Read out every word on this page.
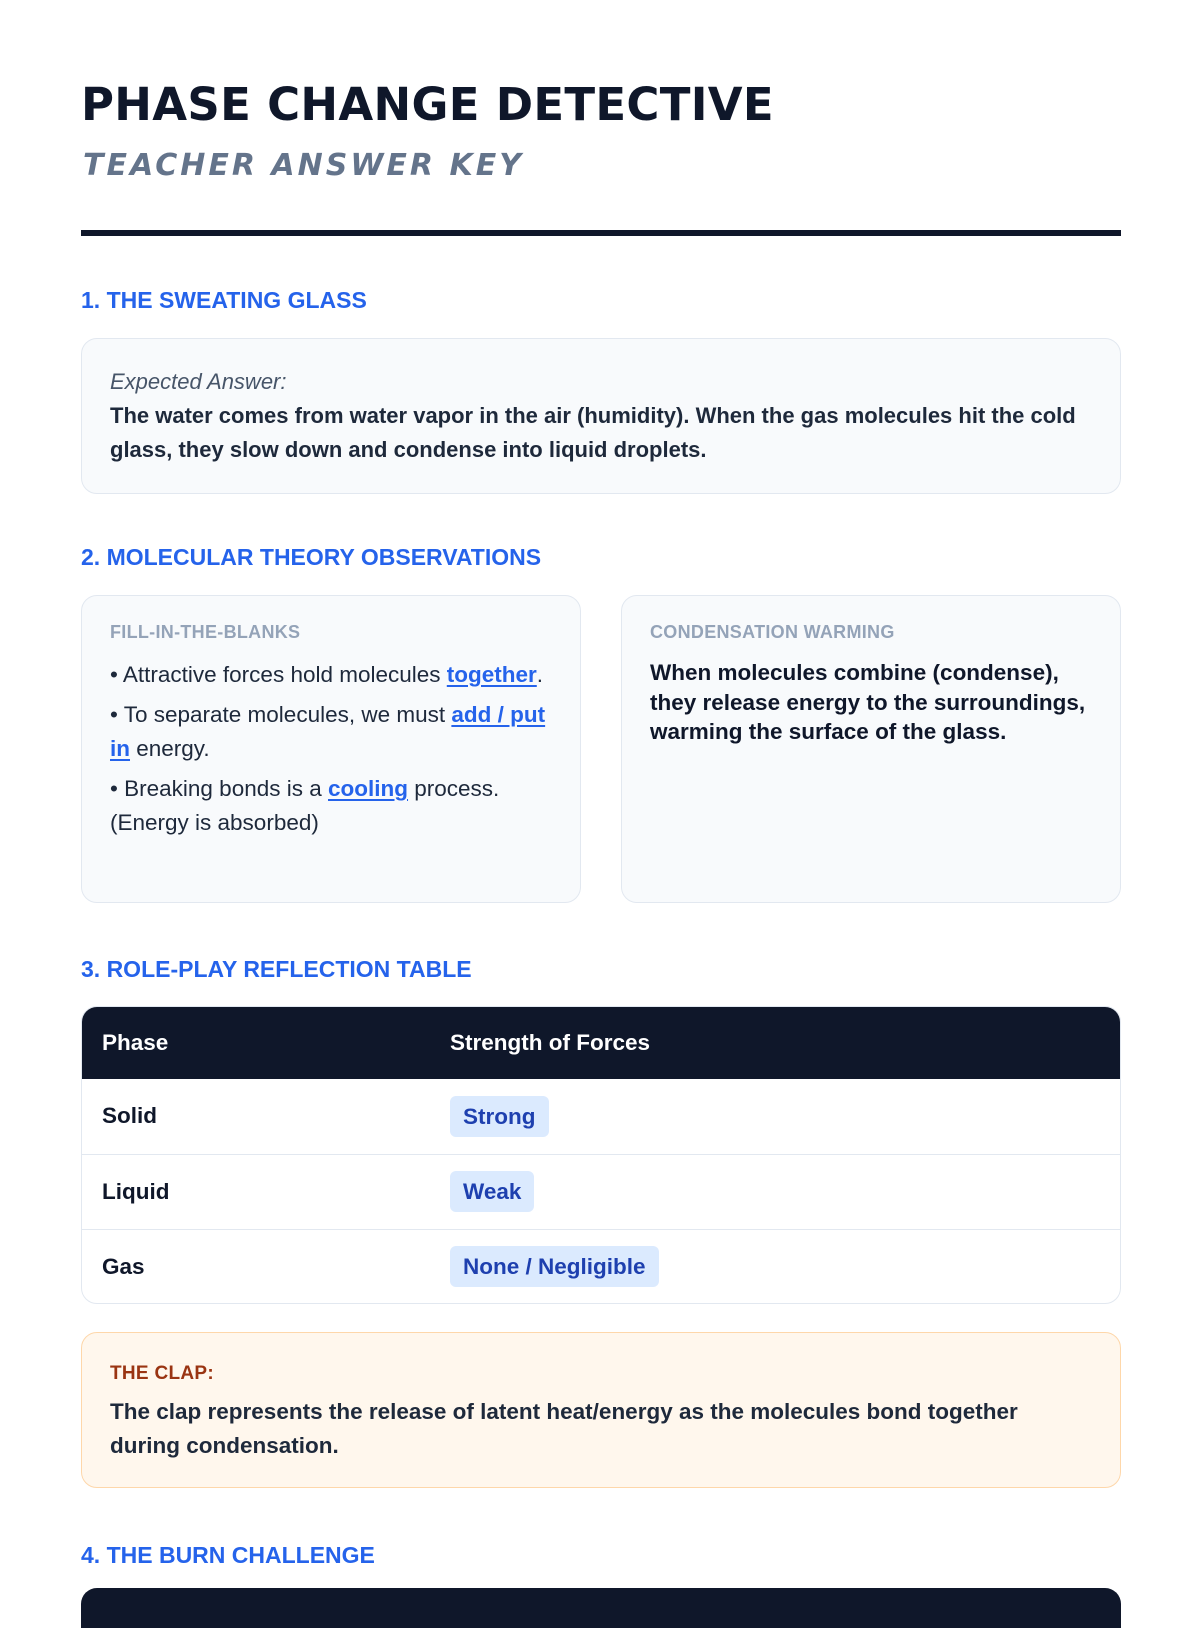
PHASE CHANGE DETECTIVE
TEACHER ANSWER KEY
1. THE SWEATING GLASS
Expected Answer:
The water comes from water vapor in the air (humidity). When the gas molecules hit the cold glass, they slow down and condense into liquid droplets.
2. MOLECULAR THEORY OBSERVATIONS
FILL-IN-THE-BLANKS
• Attractive forces hold molecules together.
• To separate molecules, we must add / put in energy.
• Breaking bonds is a cooling process. (Energy is absorbed)
CONDENSATION WARMING
When molecules combine (condense), they release energy to the surroundings, warming the surface of the glass.
3. ROLE-PLAY REFLECTION TABLE
Phase	Strength of Forces
Solid	Strong
Liquid	Weak
Gas	None / Negligible
THE CLAP:
The clap represents the release of latent heat/energy as the molecules bond together during condensation.
4. THE BURN CHALLENGE
